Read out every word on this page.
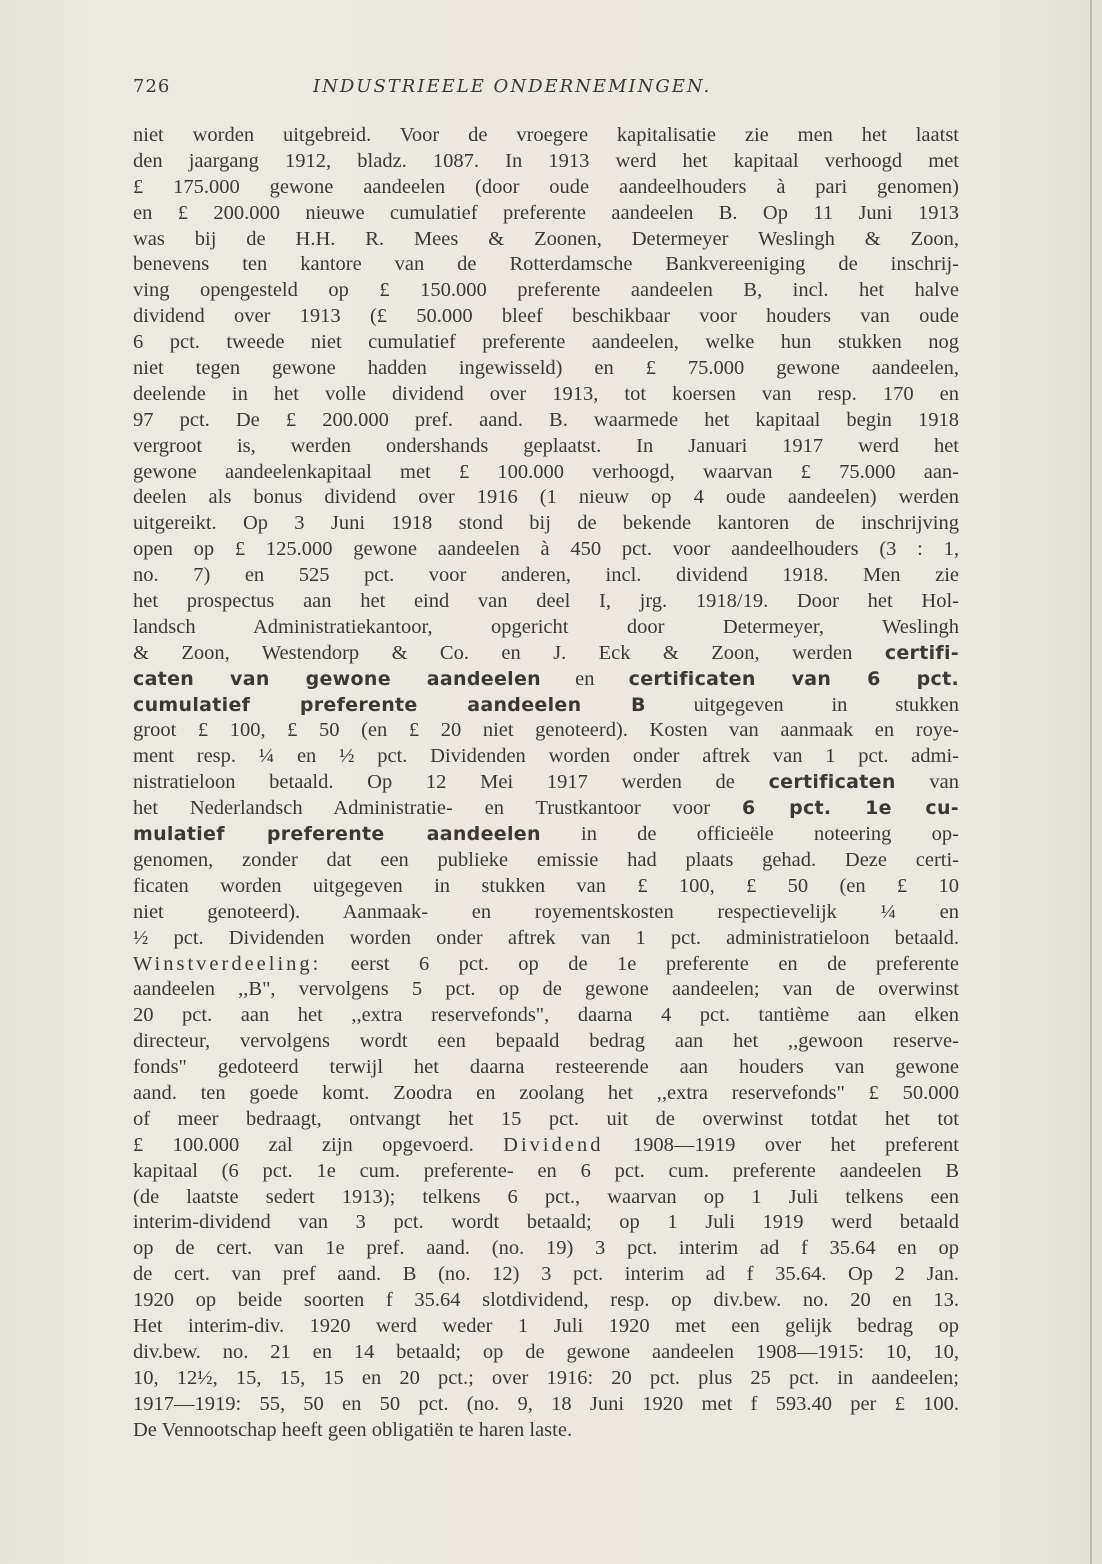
726	INDUSTRIEELE ONDERNEMINGEN.
niet worden uitgebreid. Voor de vroegere kapitalisatie zie men het laatst
den jaargang 1912, bladz. 1087. In 1913 werd het kapitaal verhoogd met
£ 175.000 gewone aandeelen (door oude aandeelhouders à pari genomen)
en £ 200.000 nieuwe cumulatief preferente aandeelen B. Op 11 Juni 1913
was bij de H.H. R. Mees & Zoonen, Determeyer Weslingh & Zoon,
benevens ten kantore van de Rotterdamsche Bankvereeniging de inschrij-
ving opengesteld op £ 150.000 preferente aandeelen B, incl. het halve
dividend over 1913 (£ 50.000 bleef beschikbaar voor houders van oude
6 pct. tweede niet cumulatief preferente aandeelen, welke hun stukken nog
niet tegen gewone hadden ingewisseld) en £ 75.000 gewone aandeelen,
deelende in het volle dividend over 1913, tot koersen van resp. 170 en
97 pct. De £ 200.000 pref. aand. B. waarmede het kapitaal begin 1918
vergroot is, werden ondershands geplaatst. In Januari 1917 werd het
gewone aandeelenkapitaal met £ 100.000 verhoogd, waarvan £ 75.000 aan-
deelen als bonus dividend over 1916 (1 nieuw op 4 oude aandeelen) werden
uitgereikt. Op 3 Juni 1918 stond bij de bekende kantoren de inschrijving
open op £ 125.000 gewone aandeelen à 450 pct. voor aandeelhouders (3 : 1,
no. 7) en 525 pct. voor anderen, incl. dividend 1918. Men zie
het prospectus aan het eind van deel I, jrg. 1918/19. Door het Hol-
landsch Administratiekantoor, opgericht door Determeyer, Weslingh
& Zoon, Westendorp & Co. en J. Eck & Zoon, werden certifi-
caten van gewone aandeelen en certificaten van 6 pct.
cumulatief preferente aandeelen B uitgegeven in stukken
groot £ 100, £ 50 (en £ 20 niet genoteerd). Kosten van aanmaak en roye-
ment resp. ¼ en ½ pct. Dividenden worden onder aftrek van 1 pct. admi-
nistratieloon betaald. Op 12 Mei 1917 werden de certificaten van
het Nederlandsch Administratie- en Trustkantoor voor 6 pct. 1e cu-
mulatief preferente aandeelen in de officieële noteering op-
genomen, zonder dat een publieke emissie had plaats gehad. Deze certi-
ficaten worden uitgegeven in stukken van £ 100, £ 50 (en £ 10
niet genoteerd). Aanmaak- en royementskosten respectievelijk ¼ en
½ pct. Dividenden worden onder aftrek van 1 pct. administratieloon betaald.
Winstverdeeling: eerst 6 pct. op de 1e preferente en de preferente
aandeelen ,,B", vervolgens 5 pct. op de gewone aandeelen; van de overwinst
20 pct. aan het ,,extra reservefonds", daarna 4 pct. tantième aan elken
directeur, vervolgens wordt een bepaald bedrag aan het ,,gewoon reserve-
fonds" gedoteerd terwijl het daarna resteerende aan houders van gewone
aand. ten goede komt. Zoodra en zoolang het ,,extra reservefonds" £ 50.000
of meer bedraagt, ontvangt het 15 pct. uit de overwinst totdat het tot
£ 100.000 zal zijn opgevoerd. Dividend 1908—1919 over het preferent
kapitaal (6 pct. 1e cum. preferente- en 6 pct. cum. preferente aandeelen B
(de laatste sedert 1913); telkens 6 pct., waarvan op 1 Juli telkens een
interim-dividend van 3 pct. wordt betaald; op 1 Juli 1919 werd betaald
op de cert. van 1e pref. aand. (no. 19) 3 pct. interim ad f 35.64 en op
de cert. van pref aand. B (no. 12) 3 pct. interim ad f 35.64. Op 2 Jan.
1920 op beide soorten f 35.64 slotdividend, resp. op div.bew. no. 20 en 13.
Het interim-div. 1920 werd weder 1 Juli 1920 met een gelijk bedrag op
div.bew. no. 21 en 14 betaald; op de gewone aandeelen 1908—1915: 10, 10,
10, 12½, 15, 15, 15 en 20 pct.; over 1916: 20 pct. plus 25 pct. in aandeelen;
1917—1919: 55, 50 en 50 pct. (no. 9, 18 Juni 1920 met f 593.40 per £ 100.
De Vennootschap heeft geen obligatiën te haren laste.
